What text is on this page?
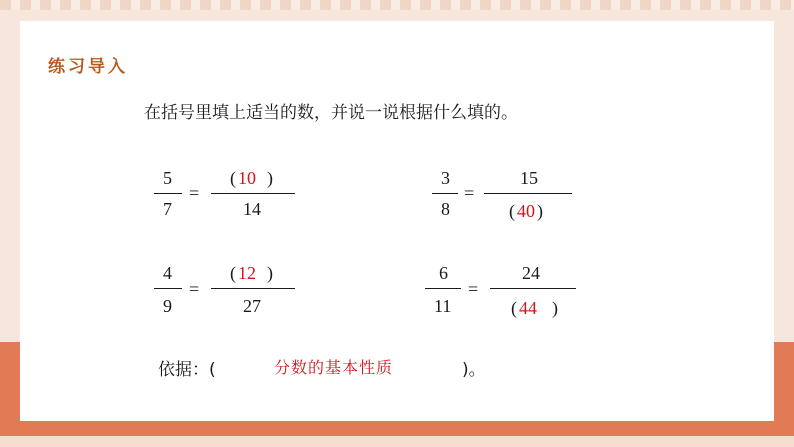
练习导入
在括号里填上适当的数，并说一说根据什么填的。
5
7
=
( 10 )
14
3
8
=
15
( 40 )
4
9
=
( 12 )
27
6
11
=
24
( 44 )
依据：(	分数的基本性质	)。
